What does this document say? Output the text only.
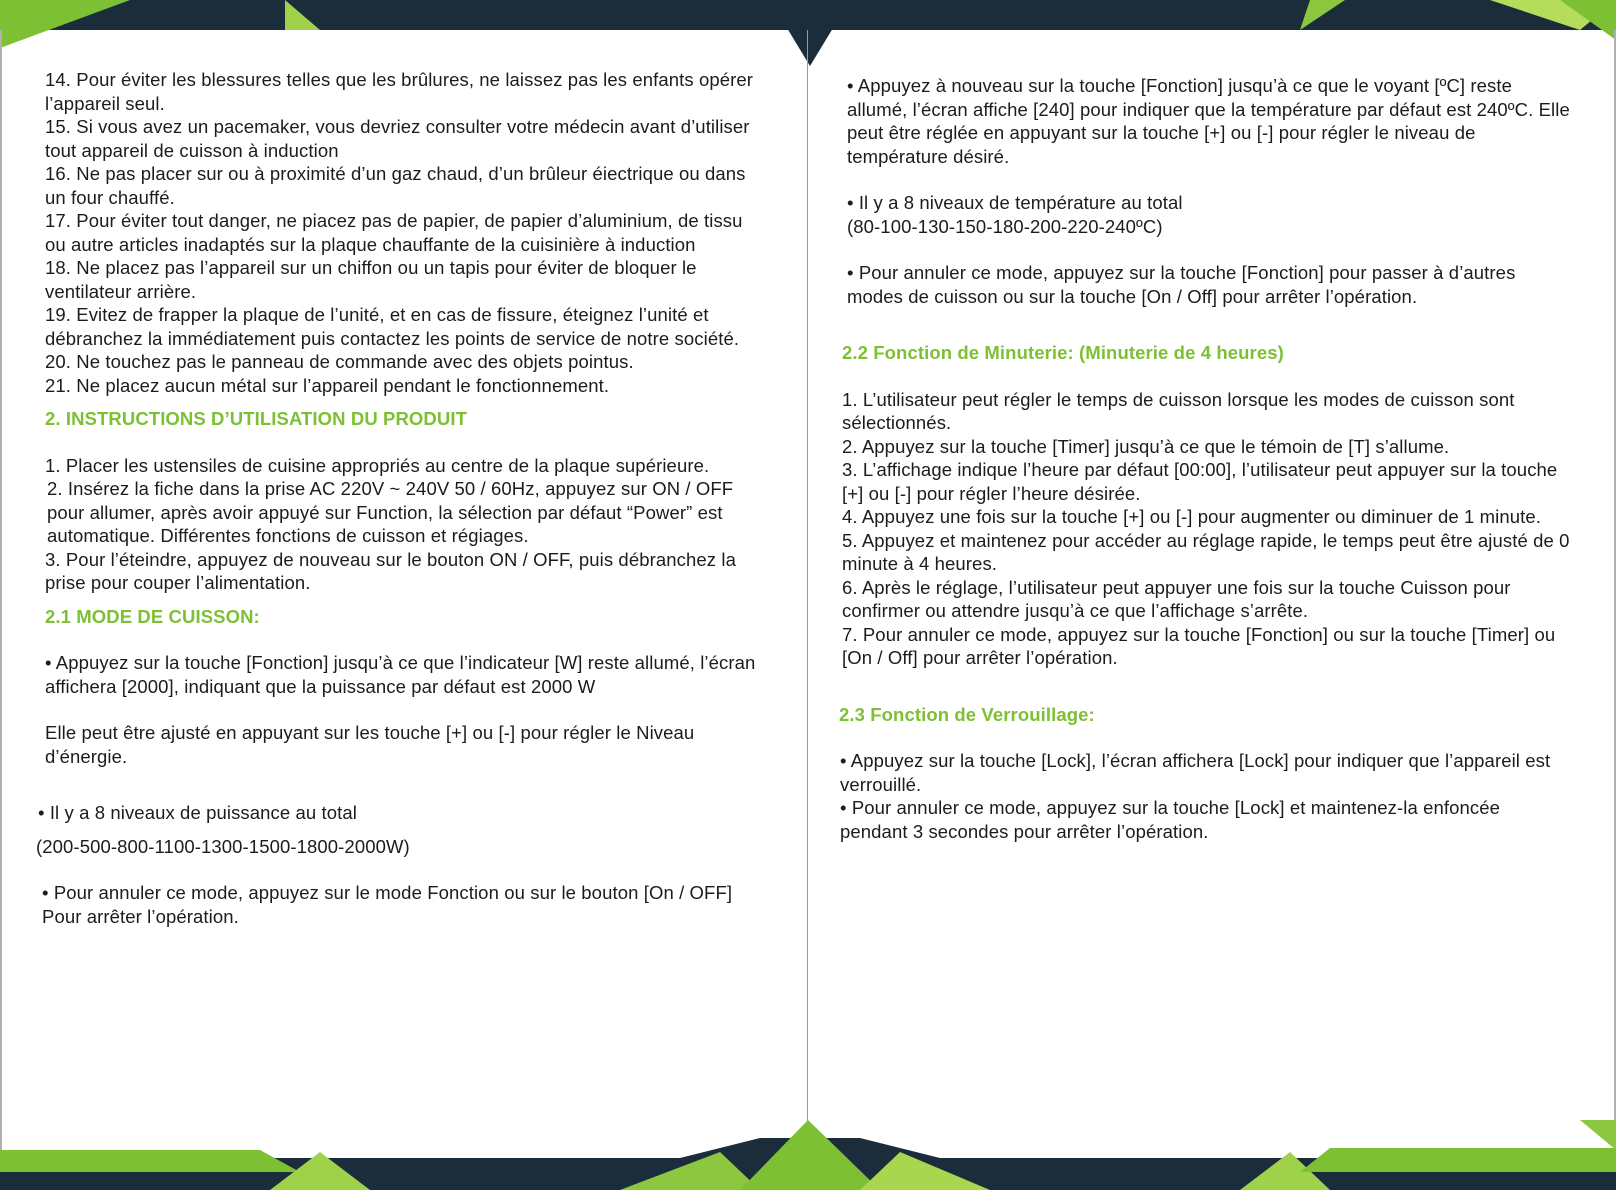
14. Pour éviter les blessures telles que les brûlures, ne laissez pas les enfants opérer l’appareil seul.

15. Si vous avez un pacemaker, vous devriez consulter votre médecin avant d’utiliser tout appareil de cuisson à induction

16. Ne pas placer sur ou à proximité d’un gaz chaud, d’un brûleur éiectrique ou dans un four chauffé.

17. Pour éviter tout danger, ne piacez pas de papier, de papier d’aluminium, de tissu ou autre articles inadaptés sur la plaque chauffante de la cuisinière à induction

18. Ne placez pas l’appareil sur un chiffon ou un tapis pour éviter de bloquer le ventilateur arrière.

19. Evitez de frapper la plaque de l’unité, et en cas de fissure, éteignez l’unité et débranchez la immédiatement puis contactez les points de service de notre société.

20. Ne touchez pas le panneau de commande avec des objets pointus.

21. Ne placez aucun métal sur l’appareil pendant le fonctionnement.

2. INSTRUCTIONS D’UTILISATION DU PRODUIT

1. Placer les ustensiles de cuisine appropriés au centre de la plaque supérieure.

2. Insérez la fiche dans la prise AC 220V ~ 240V 50 / 60Hz, appuyez sur ON / OFF pour allumer, après avoir appuyé sur Function, la sélection par défaut “Power” est automatique. Différentes fonctions de cuisson et régiages.

3. Pour l’éteindre, appuyez de nouveau sur le bouton ON / OFF, puis débranchez la prise pour couper l’alimentation.

2.1 MODE DE CUISSON:

• Appuyez sur la touche [Fonction] jusqu’à ce que l’indicateur [W] reste allumé, l’écran affichera [2000], indiquant que la puissance par défaut est 2000 W

Elle peut être ajusté en appuyant sur les touche [+] ou [-] pour régler le Niveau d’énergie.

• Il y a 8 niveaux de puissance au total

(200-500-800-1100-1300-1500-1800-2000W)

• Pour annuler ce mode, appuyez sur le mode Fonction ou sur le bouton [On / OFF] Pour arrêter l’opération.

• Appuyez à nouveau sur la touche [Fonction] jusqu’à ce que le voyant [ºC] reste allumé, l’écran affiche [240] pour indiquer que la température par défaut est 240ºC. Elle peut être réglée en appuyant sur la touche [+] ou [-] pour régler le niveau de température désiré.

• Il y a 8 niveaux de température au total

(80-100-130-150-180-200-220-240ºC)

• Pour annuler ce mode, appuyez sur la touche [Fonction] pour passer à d’autres modes de cuisson ou sur la touche [On / Off] pour arrêter l’opération.

2.2 Fonction de Minuterie: (Minuterie de 4 heures)

1. L’utilisateur peut régler le temps de cuisson lorsque les modes de cuisson sont sélectionnés.

2. Appuyez sur la touche [Timer] jusqu’à ce que le témoin de [T] s’allume.

3. L’affichage indique l’heure par défaut [00:00], l’utilisateur peut appuyer sur la touche [+] ou [-] pour régler l’heure désirée.

4. Appuyez une fois sur la touche [+] ou [-] pour augmenter ou diminuer de 1 minute.

5. Appuyez et maintenez pour accéder au réglage rapide, le temps peut être ajusté de 0 minute à 4 heures.

6. Après le réglage, l’utilisateur peut appuyer une fois sur la touche Cuisson pour confirmer ou attendre jusqu’à ce que l’affichage s’arrête.

7. Pour annuler ce mode, appuyez sur la touche [Fonction] ou sur la touche [Timer] ou [On / Off] pour arrêter l’opération.

2.3 Fonction de Verrouillage:

• Appuyez sur la touche [Lock], l’écran affichera [Lock] pour indiquer que l’appareil est verrouillé.

• Pour annuler ce mode, appuyez sur la touche [Lock] et maintenez-la enfoncée pendant 3 secondes pour arrêter l’opération.
